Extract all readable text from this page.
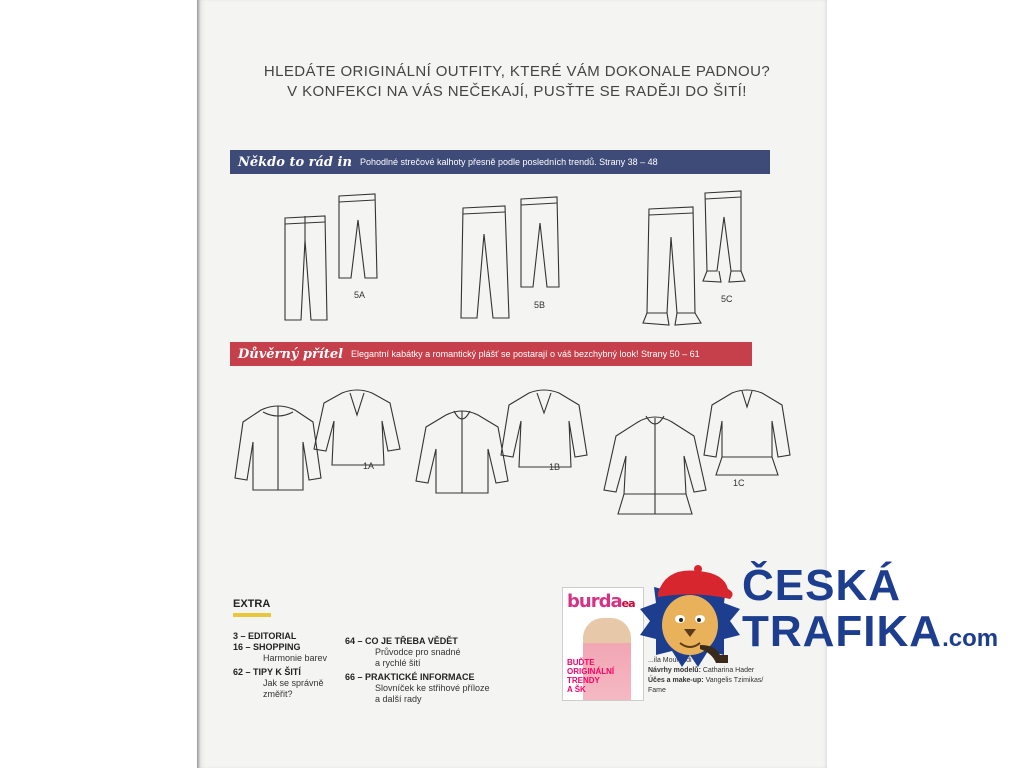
HLEDÁTE ORIGINÁLNÍ OUTFITY, KTERÉ VÁM DOKONALE PADNOU?
V KONFEKCI NA VÁS NEČEKAJÍ, PUSŤTE SE RADĚJI DO ŠITÍ!
Někdo to rád in Pohodlné strečové kalhoty přesně podle posledních trendů. Strany 38 – 48
5A
5B
5C
Důvěrný přítel Elegantní kabátky a romantický plášť se postarají o váš bezchybný look! Strany 50 – 61
1A	1B
1C
EXTRA
3 – EDITORIAL
16 – SHOPPING
Harmonie barev
62 – TIPY K ŠITÍ
Jak se správně
změřit?
64 – CO JE TŘEBA VĚDĚT
Průvodce pro snadné
a rychlé šití
66 – PRAKTICKÉ INFORMACE
Slovníček ke střihové příloze
a další rady
burdaea
BUĎTE ORIGINÁLNÍ TRENDY A ŠK
...ila Mouratidi
Návrhy modelů: Catharina Hader
Účes a make-up: Vangelis Tzimikas/
Fame
ČESKÁ
TRAFIKA.com
